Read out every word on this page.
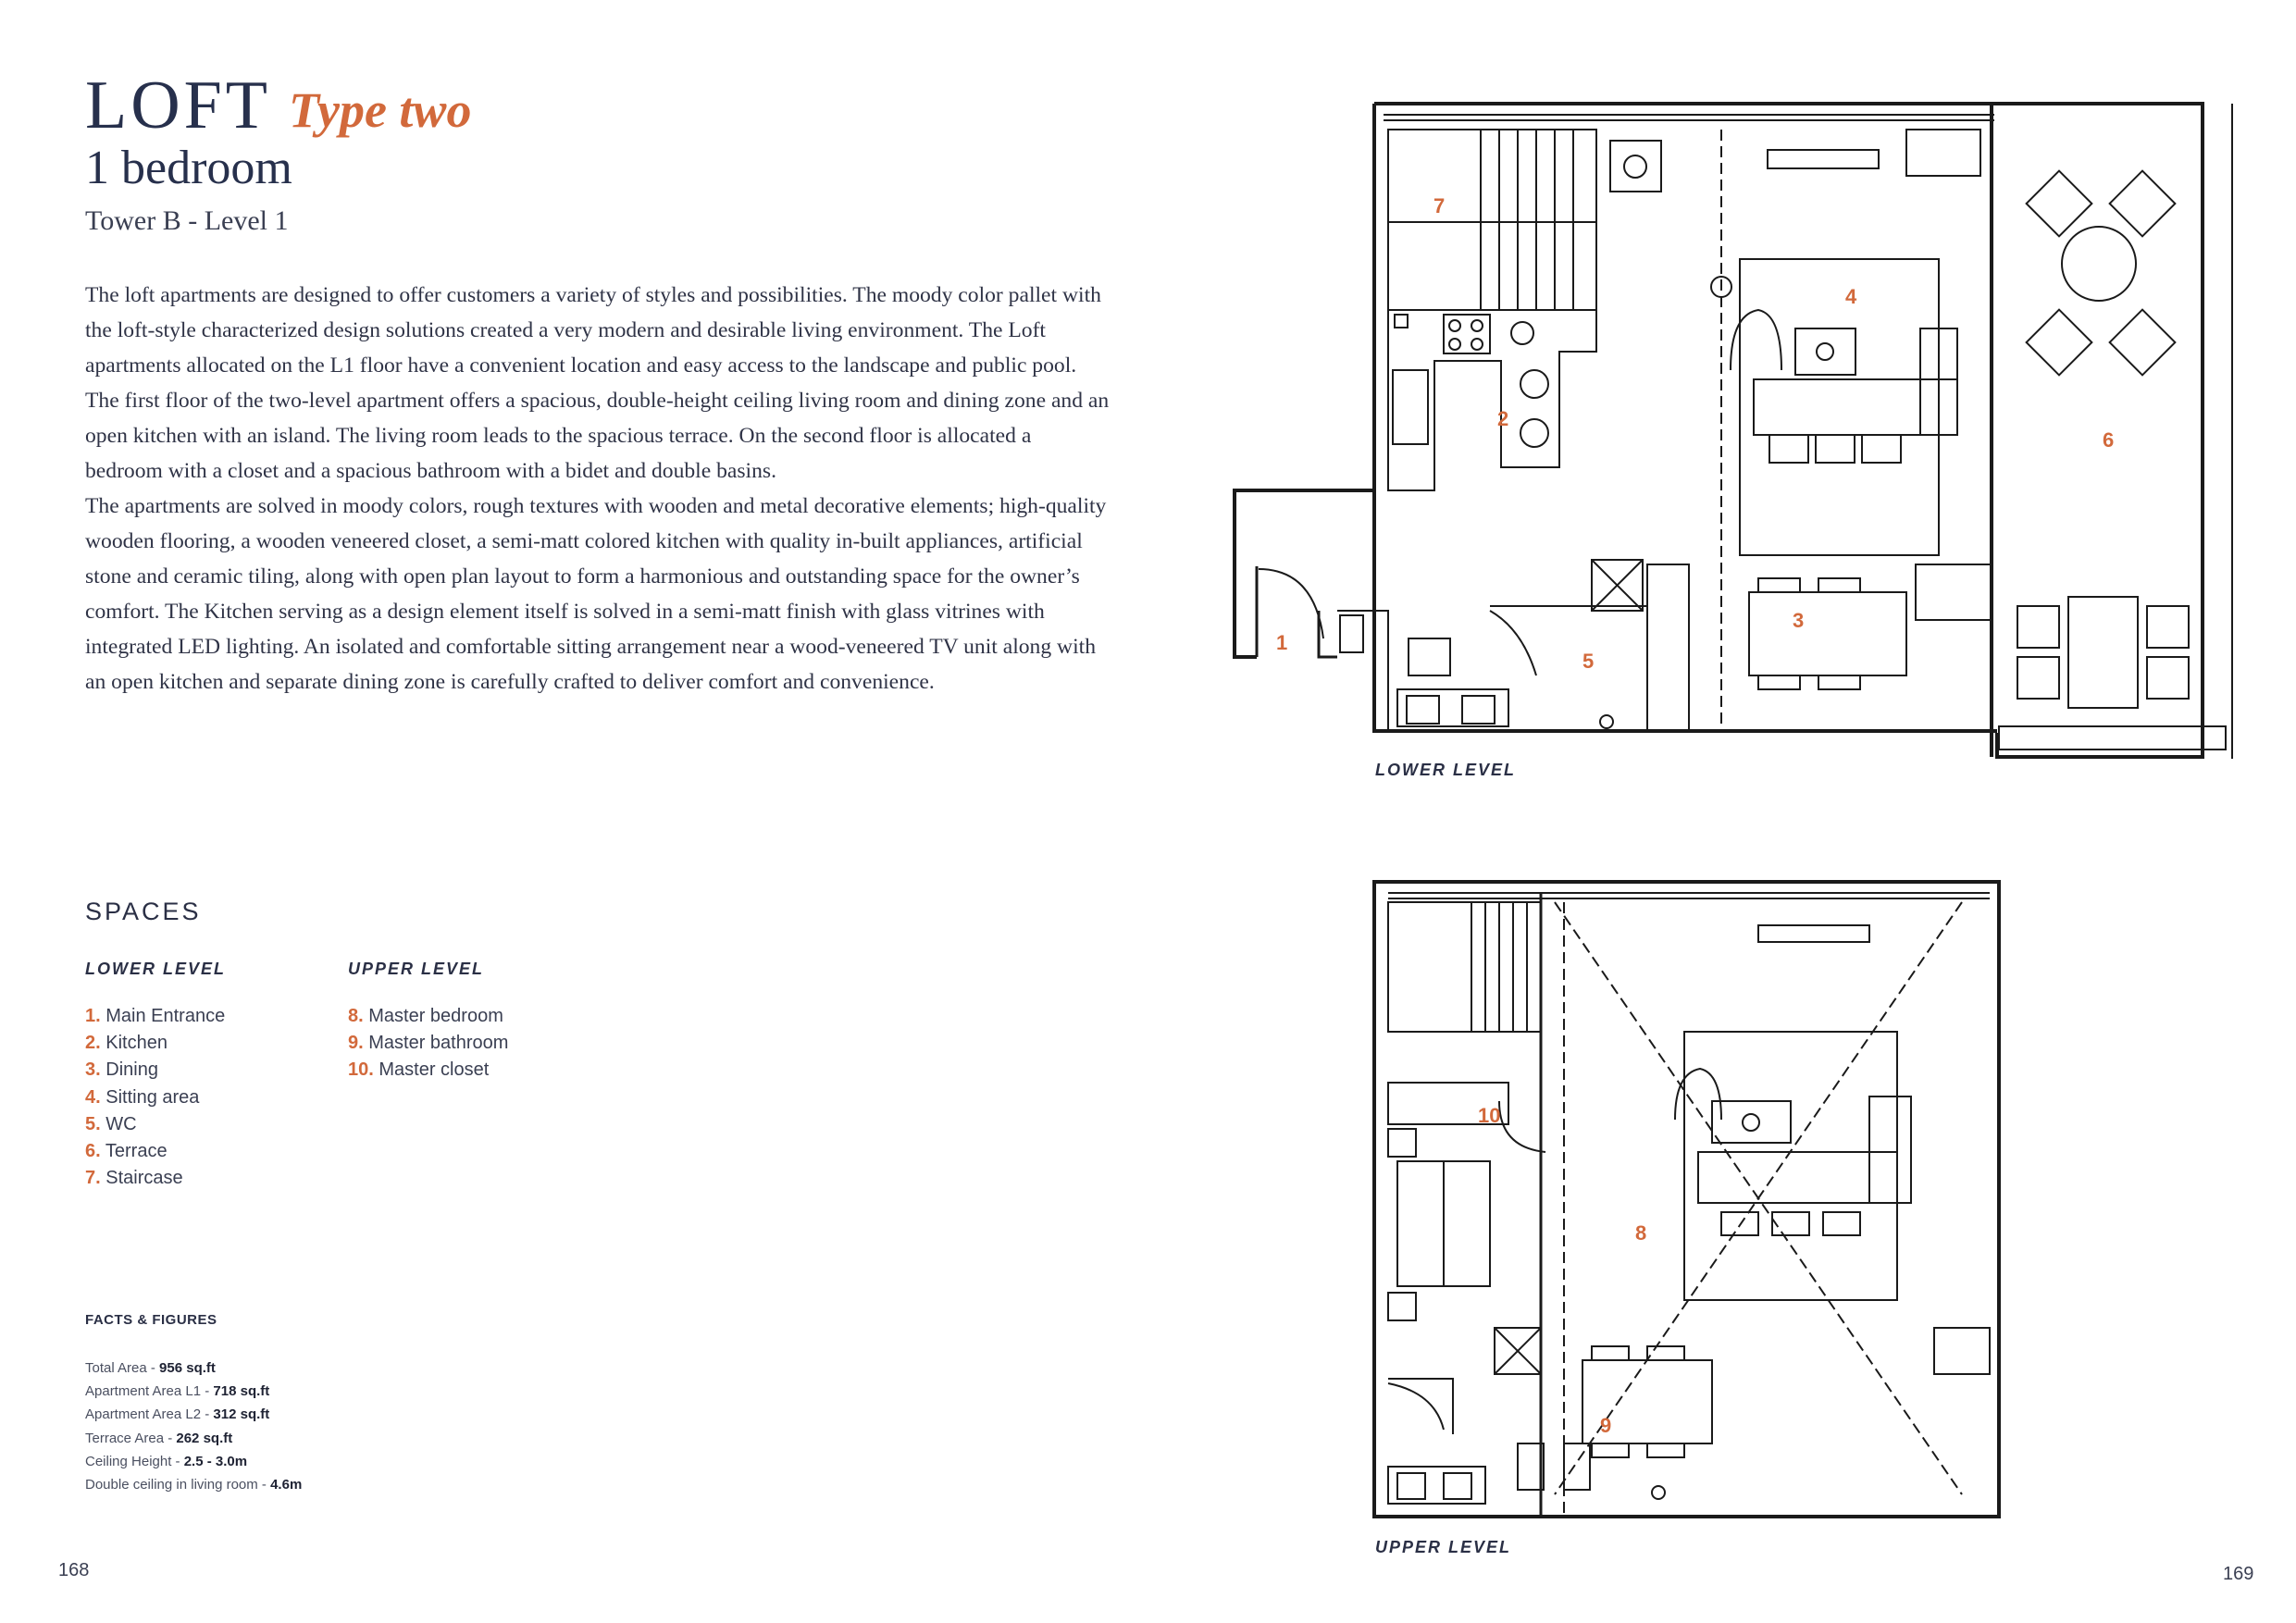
LOFT Type two
1 bedroom
Tower B - Level 1

The loft apartments are designed to offer customers a variety of styles and possibilities. The moody color pallet with the loft-style characterized design solutions created a very modern and desirable living environment. The Loft apartments allocated on the L1 floor have a convenient location and easy access to the landscape and public pool.

The first floor of the two-level apartment offers a spacious, double-height ceiling living room and dining zone and an open kitchen with an island. The living room leads to the spacious terrace. On the second floor is allocated a bedroom with a closet and a spacious bathroom with a bidet and double basins.

The apartments are solved in moody colors, rough textures with wooden and metal decorative elements; high-quality wooden flooring, a wooden veneered closet, a semi-matt colored kitchen with quality in-built appliances, artificial stone and ceramic tiling, along with open plan layout to form a harmonious and outstanding space for the owner’s comfort. The Kitchen serving as a design element itself is solved in a semi-matt finish with glass vitrines with integrated LED lighting. An isolated and comfortable sitting arrangement near a wood-veneered TV unit along with an open kitchen and separate dining zone is carefully crafted to deliver comfort and convenience.

SPACES
LOWER LEVEL	UPPER LEVEL
1. Main Entrance
2. Kitchen
3. Dining
4. Sitting area
5. WC
6. Terrace
7. Staircase
8. Master bedroom
9. Master bathroom
10. Master closet
FACTS & FIGURES
Total Area - 956 sq.ft
Apartment Area L1 - 718 sq.ft
Apartment Area L2 - 312 sq.ft
Terrace Area - 262 sq.ft
Ceiling Height - 2.5 - 3.0m
Double ceiling in living room - 4.6m
168	169
7
2
4
3
5
6
1
LOWER LEVEL
10
8
9
UPPER LEVEL
